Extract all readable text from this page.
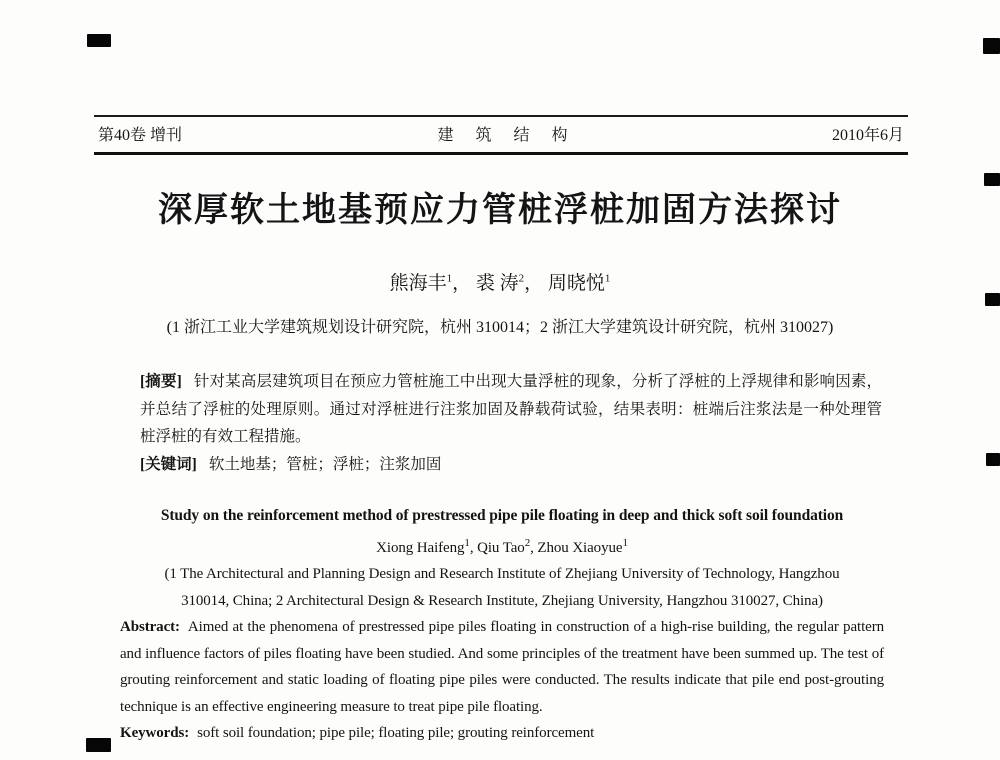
第40卷 增刊	建 筑 结 构	2010年6月
深厚软土地基预应力管桩浮桩加固方法探讨
熊海丰$^1$， 裘 涛$^2$， 周晓悦$^1$
(1 浙江工业大学建筑规划设计研究院，杭州 310014；2 浙江大学建筑设计研究院，杭州 310027)

[摘要] 针对某高层建筑项目在预应力管桩施工中出现大量浮桩的现象，分析了浮桩的上浮规律和影响因素，并总结了浮桩的处理原则。通过对浮桩进行注浆加固及静载荷试验，结果表明：桩端后注浆法是一种处理管桩浮桩的有效工程措施。

[关键词] 软土地基；管桩；浮桩；注浆加固

Study on the reinforcement method of prestressed pipe pile floating in deep and thick soft soil foundation
Xiong Haifeng$^1$, Qiu Tao$^2$, Zhou Xiaoyue$^1$
(1 The Architectural and Planning Design and Research Institute of Zhejiang University of Technology, Hangzhou
310014, China; 2 Architectural Design & Research Institute, Zhejiang University, Hangzhou 310027, China)

Abstract: Aimed at the phenomena of prestressed pipe piles floating in construction of a high-rise building, the regular pattern and influence factors of piles floating have been studied. And some principles of the treatment have been summed up. The test of grouting reinforcement and static loading of floating pipe piles were conducted. The results indicate that pile end post-grouting technique is an effective engineering measure to treat pipe pile floating.

Keywords: soft soil foundation; pipe pile; floating pile; grouting reinforcement
